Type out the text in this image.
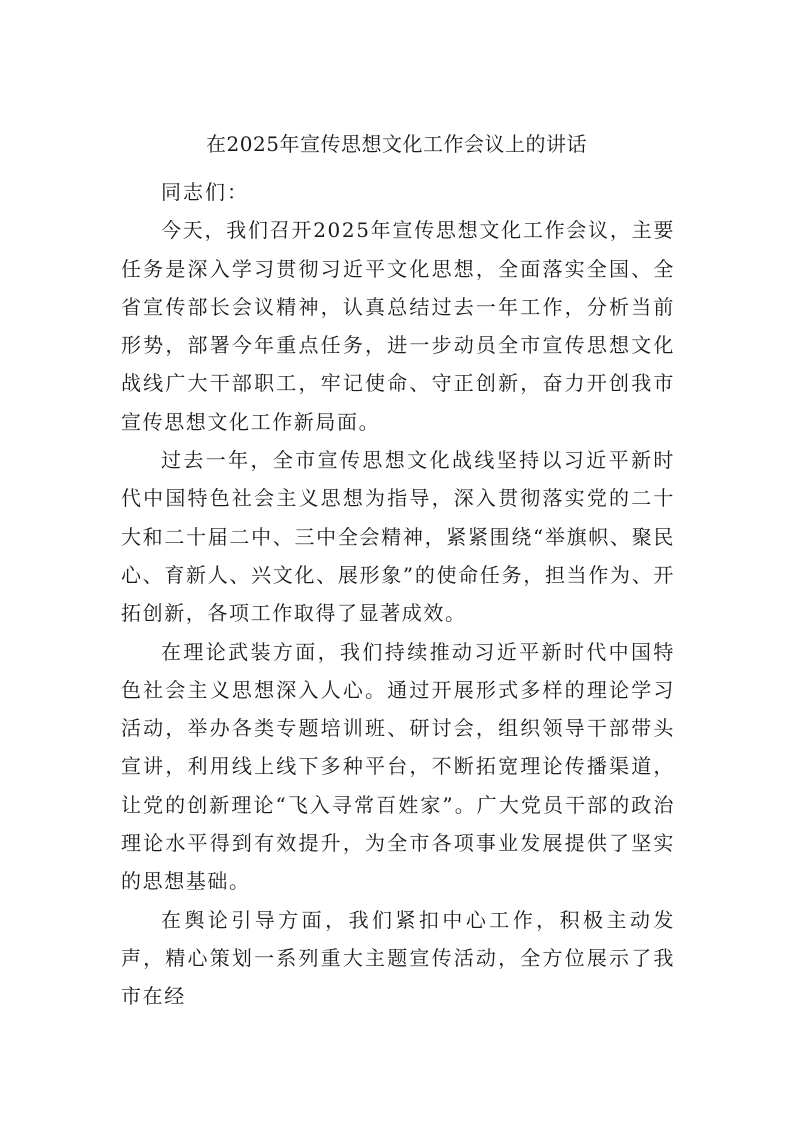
在2025年宣传思想文化工作会议上的讲话

同志们：

今天，我们召开2025年宣传思想文化工作会议，主要任务是深入学习贯彻习近平文化思想，全面落实全国、全省宣传部长会议精神，认真总结过去一年工作，分析当前形势，部署今年重点任务，进一步动员全市宣传思想文化战线广大干部职工，牢记使命、守正创新，奋力开创我市宣传思想文化工作新局面。

过去一年，全市宣传思想文化战线坚持以习近平新时代中国特色社会主义思想为指导，深入贯彻落实党的二十大和二十届二中、三中全会精神，紧紧围绕“举旗帜、聚民心、育新人、兴文化、展形象”的使命任务，担当作为、开拓创新，各项工作取得了显著成效。

在理论武装方面，我们持续推动习近平新时代中国特色社会主义思想深入人心。通过开展形式多样的理论学习活动，举办各类专题培训班、研讨会，组织领导干部带头宣讲，利用线上线下多种平台，不断拓宽理论传播渠道，让党的创新理论“飞入寻常百姓家”。广大党员干部的政治理论水平得到有效提升，为全市各项事业发展提供了坚实的思想基础。

在舆论引导方面，我们紧扣中心工作，积极主动发声，精心策划一系列重大主题宣传活动，全方位展示了我市在经
